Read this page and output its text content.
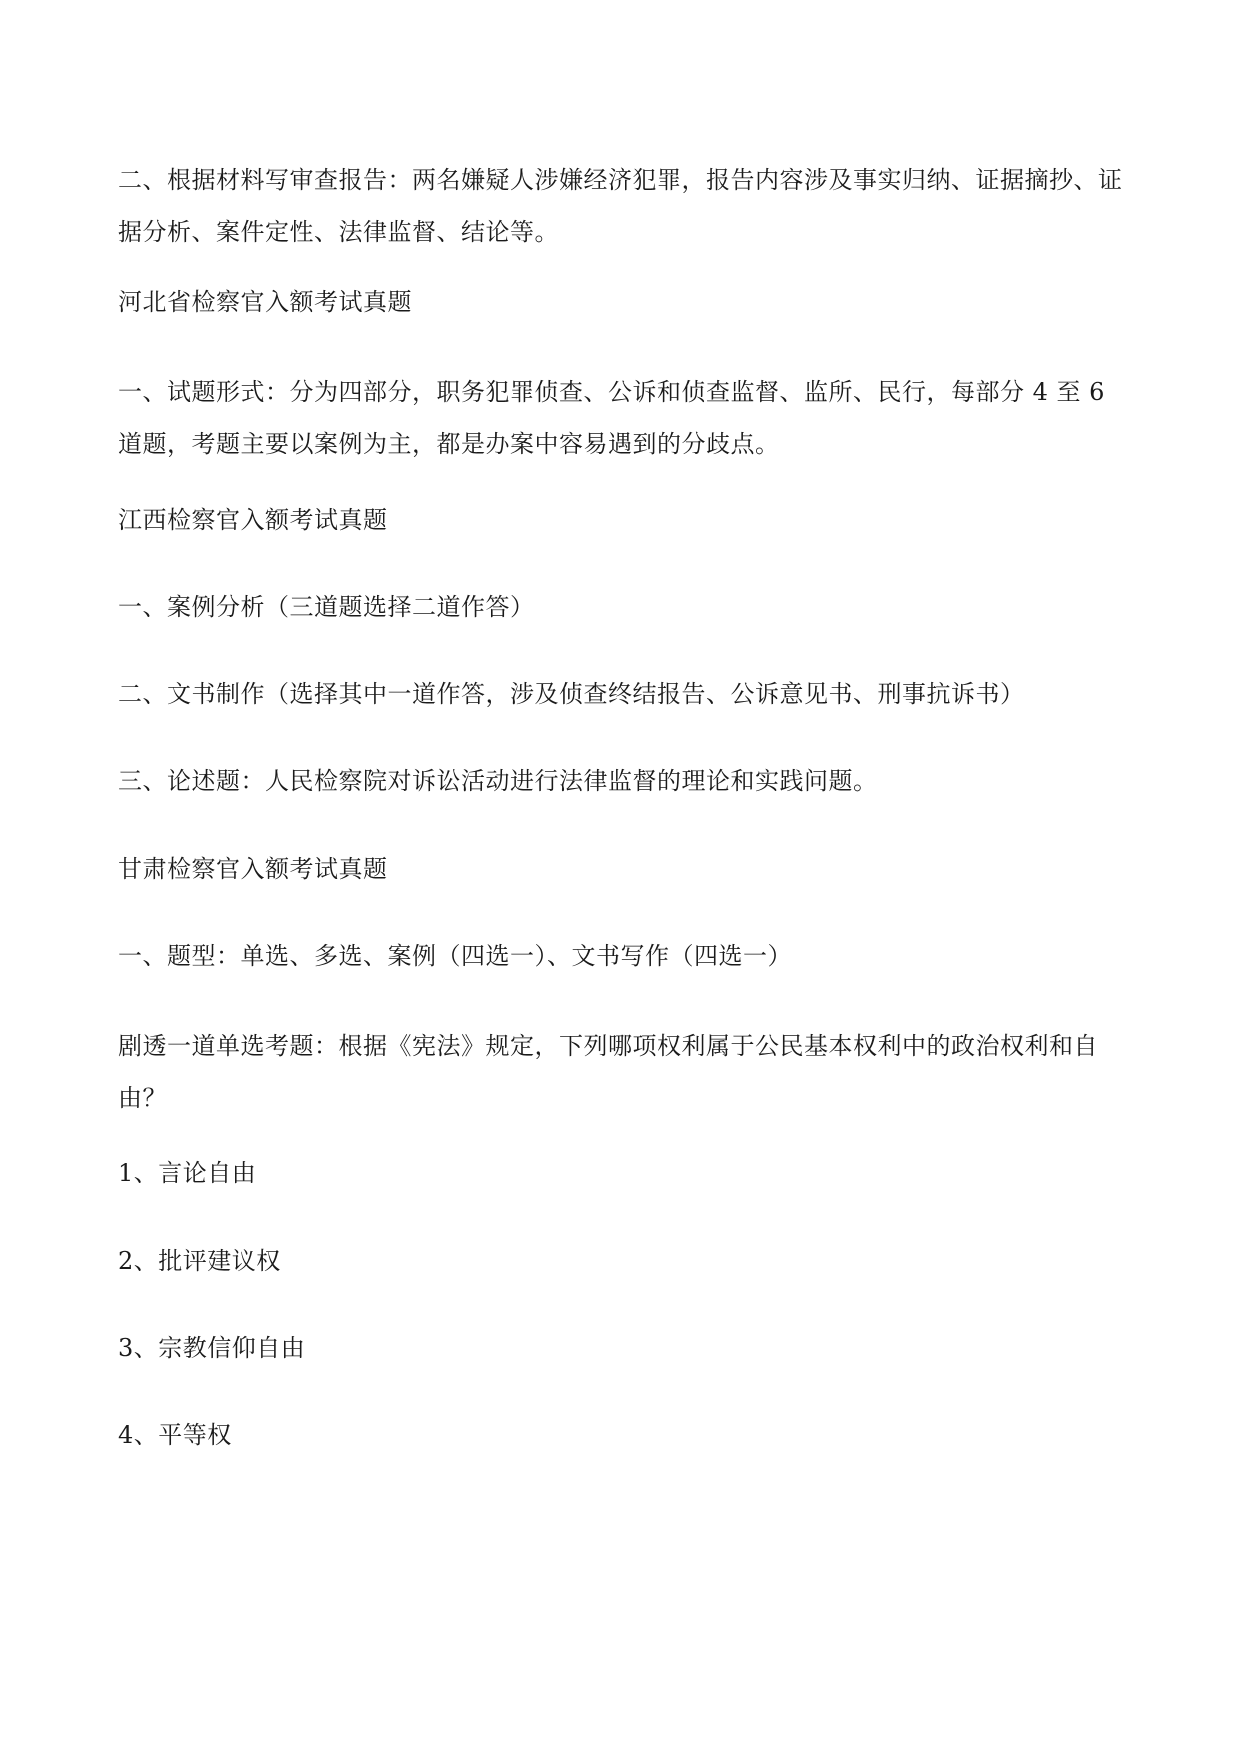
二、根据材料写审查报告：两名嫌疑人涉嫌经济犯罪，报告内容涉及事实归纳、证据摘抄、证据分析、案件定性、法律监督、结论等。

河北省检察官入额考试真题

一、试题形式：分为四部分，职务犯罪侦查、公诉和侦查监督、监所、民行，每部分 4 至 6 道题，考题主要以案例为主，都是办案中容易遇到的分歧点。

江西检察官入额考试真题

一、案例分析（三道题选择二道作答）

二、文书制作（选择其中一道作答，涉及侦查终结报告、公诉意见书、刑事抗诉书）

三、论述题：人民检察院对诉讼活动进行法律监督的理论和实践问题。

甘肃检察官入额考试真题

一、题型：单选、多选、案例（四选一）、文书写作（四选一）

剧透一道单选考题：根据《宪法》规定，下列哪项权利属于公民基本权利中的政治权利和自由？

1、言论自由

2、批评建议权

3、宗教信仰自由

4、平等权
